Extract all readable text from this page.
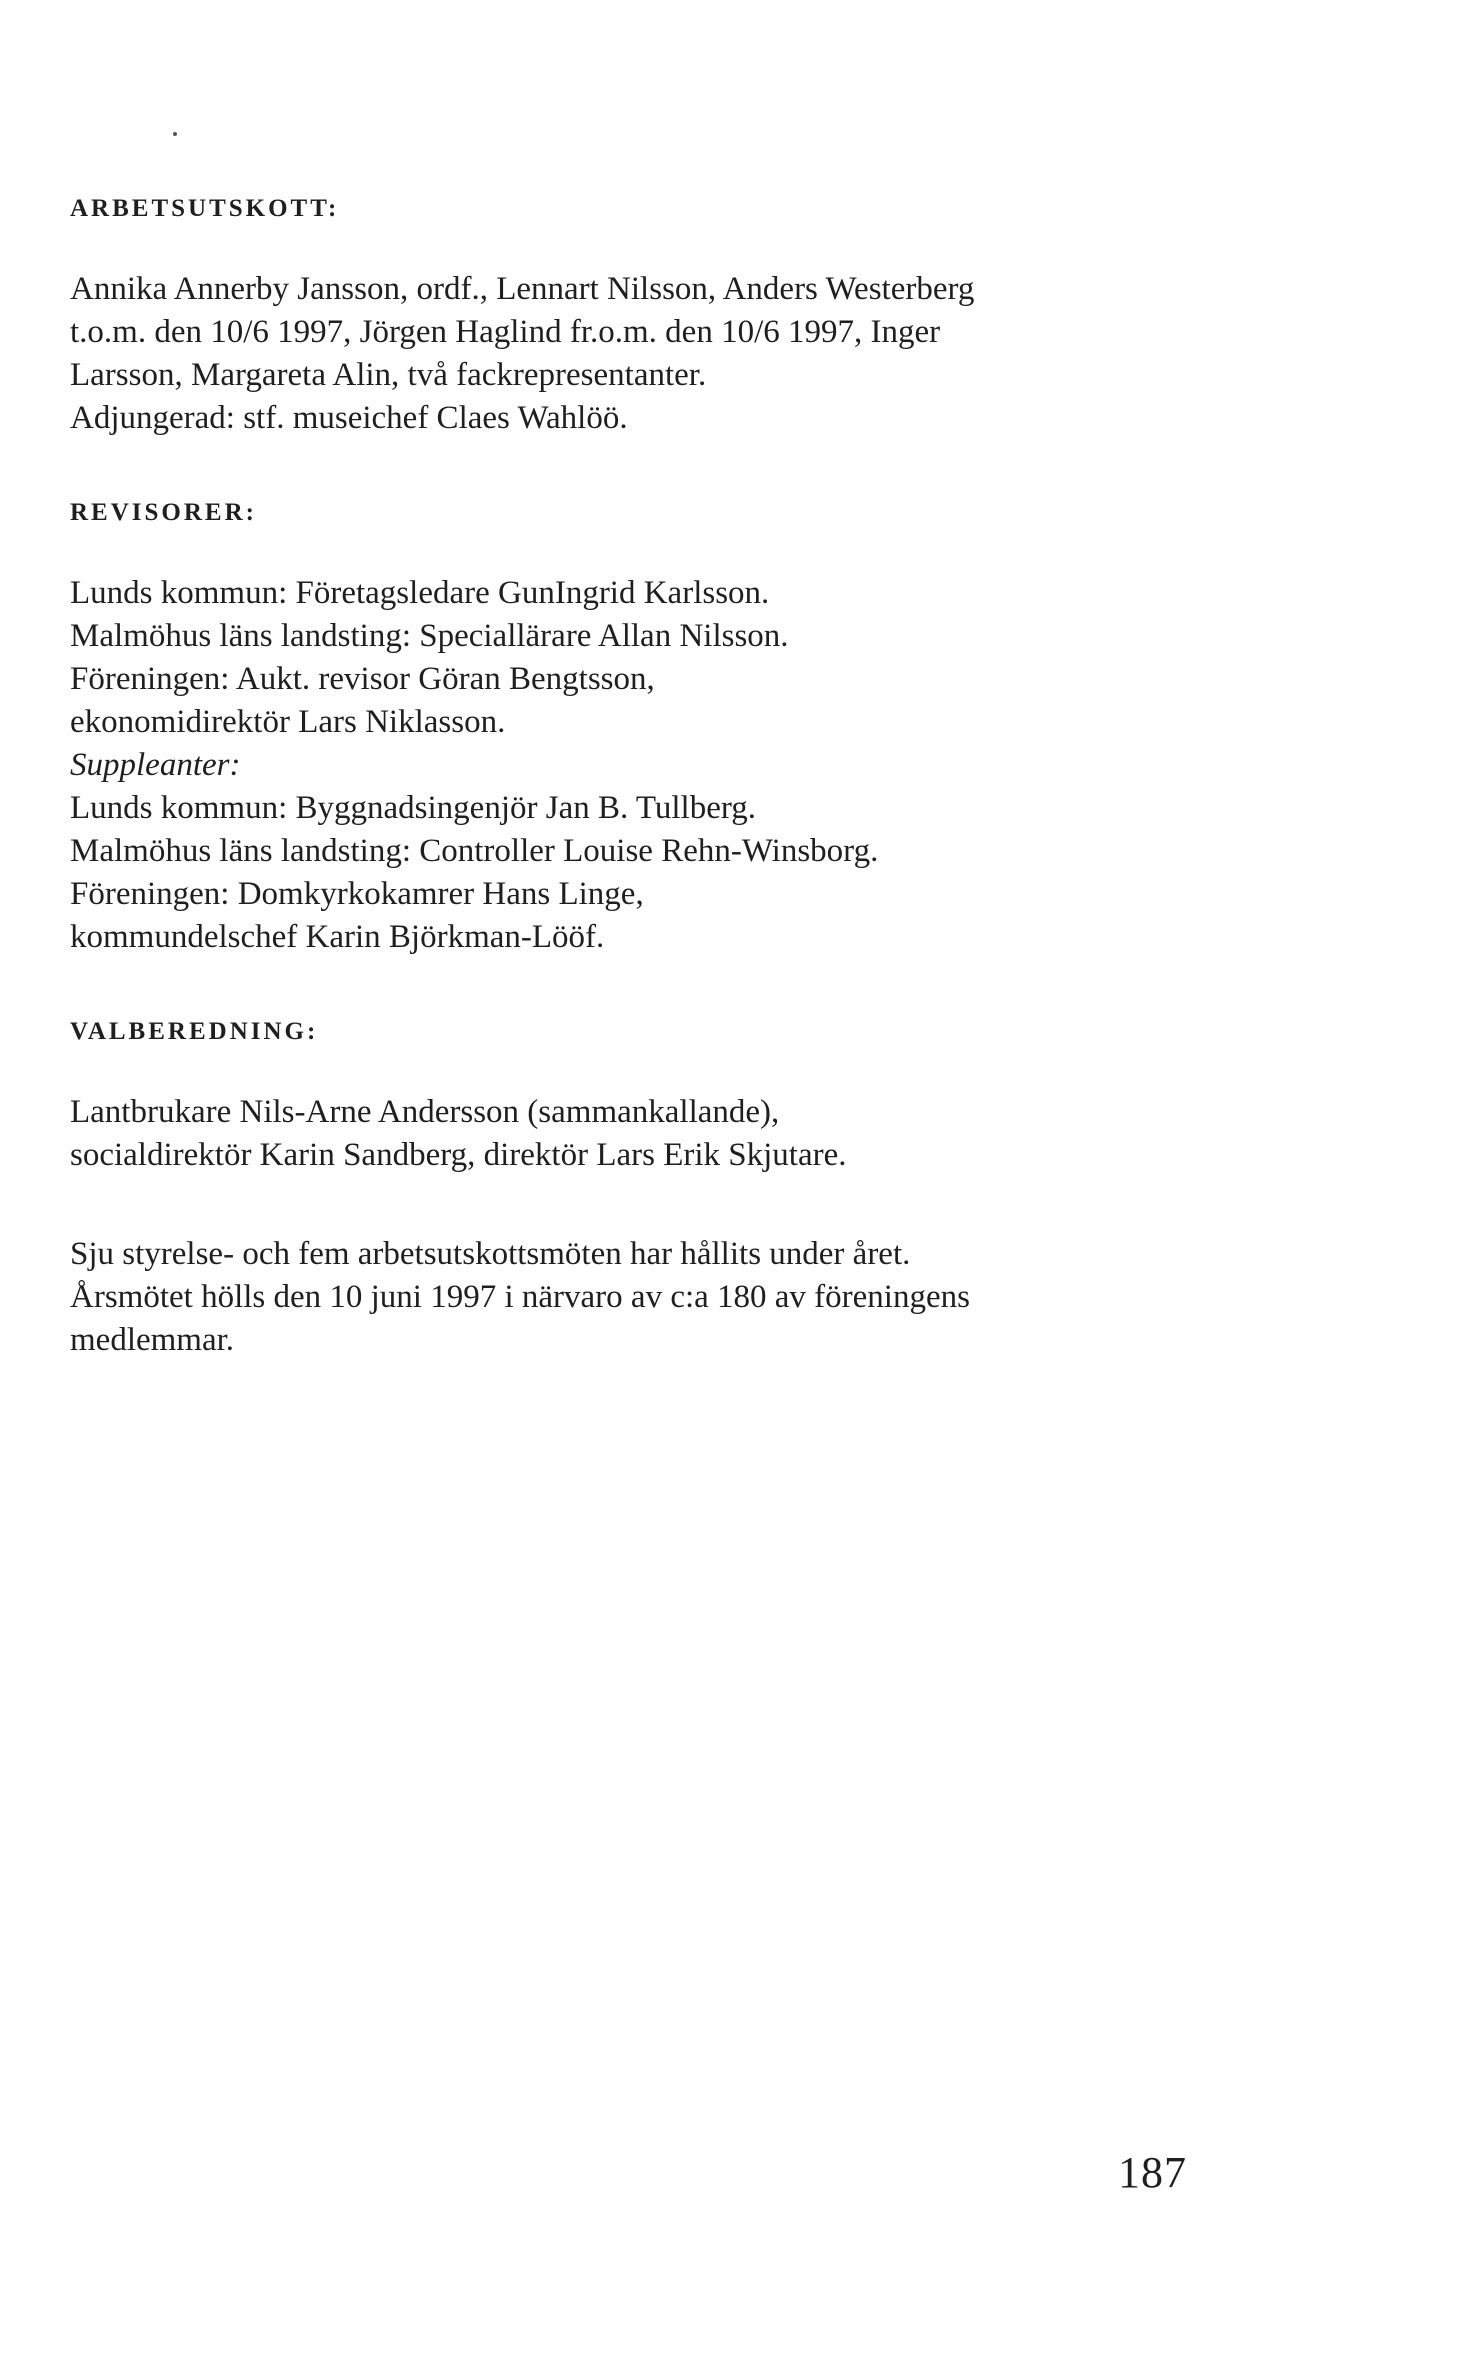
ARBETSUTSKOTT:
Annika Annerby Jansson, ordf., Lennart Nilsson, Anders Westerberg
t.o.m. den 10/6 1997, Jörgen Haglind fr.o.m. den 10/6 1997, Inger
Larsson, Margareta Alin, två fackrepresentanter.
Adjungerad: stf. museichef Claes Wahlöö.
REVISORER:
Lunds kommun: Företagsledare GunIngrid Karlsson.
Malmöhus läns landsting: Speciallärare Allan Nilsson.
Föreningen: Aukt. revisor Göran Bengtsson,
ekonomidirektör Lars Niklasson.
Suppleanter:
Lunds kommun: Byggnadsingenjör Jan B. Tullberg.
Malmöhus läns landsting: Controller Louise Rehn-Winsborg.
Föreningen: Domkyrkokamrer Hans Linge,
kommundelschef Karin Björkman-Lööf.
VALBEREDNING:
Lantbrukare Nils-Arne Andersson (sammankallande),
socialdirektör Karin Sandberg, direktör Lars Erik Skjutare.
Sju styrelse- och fem arbetsutskottsmöten har hållits under året.
Årsmötet hölls den 10 juni 1997 i närvaro av c:a 180 av föreningens
medlemmar.
187
